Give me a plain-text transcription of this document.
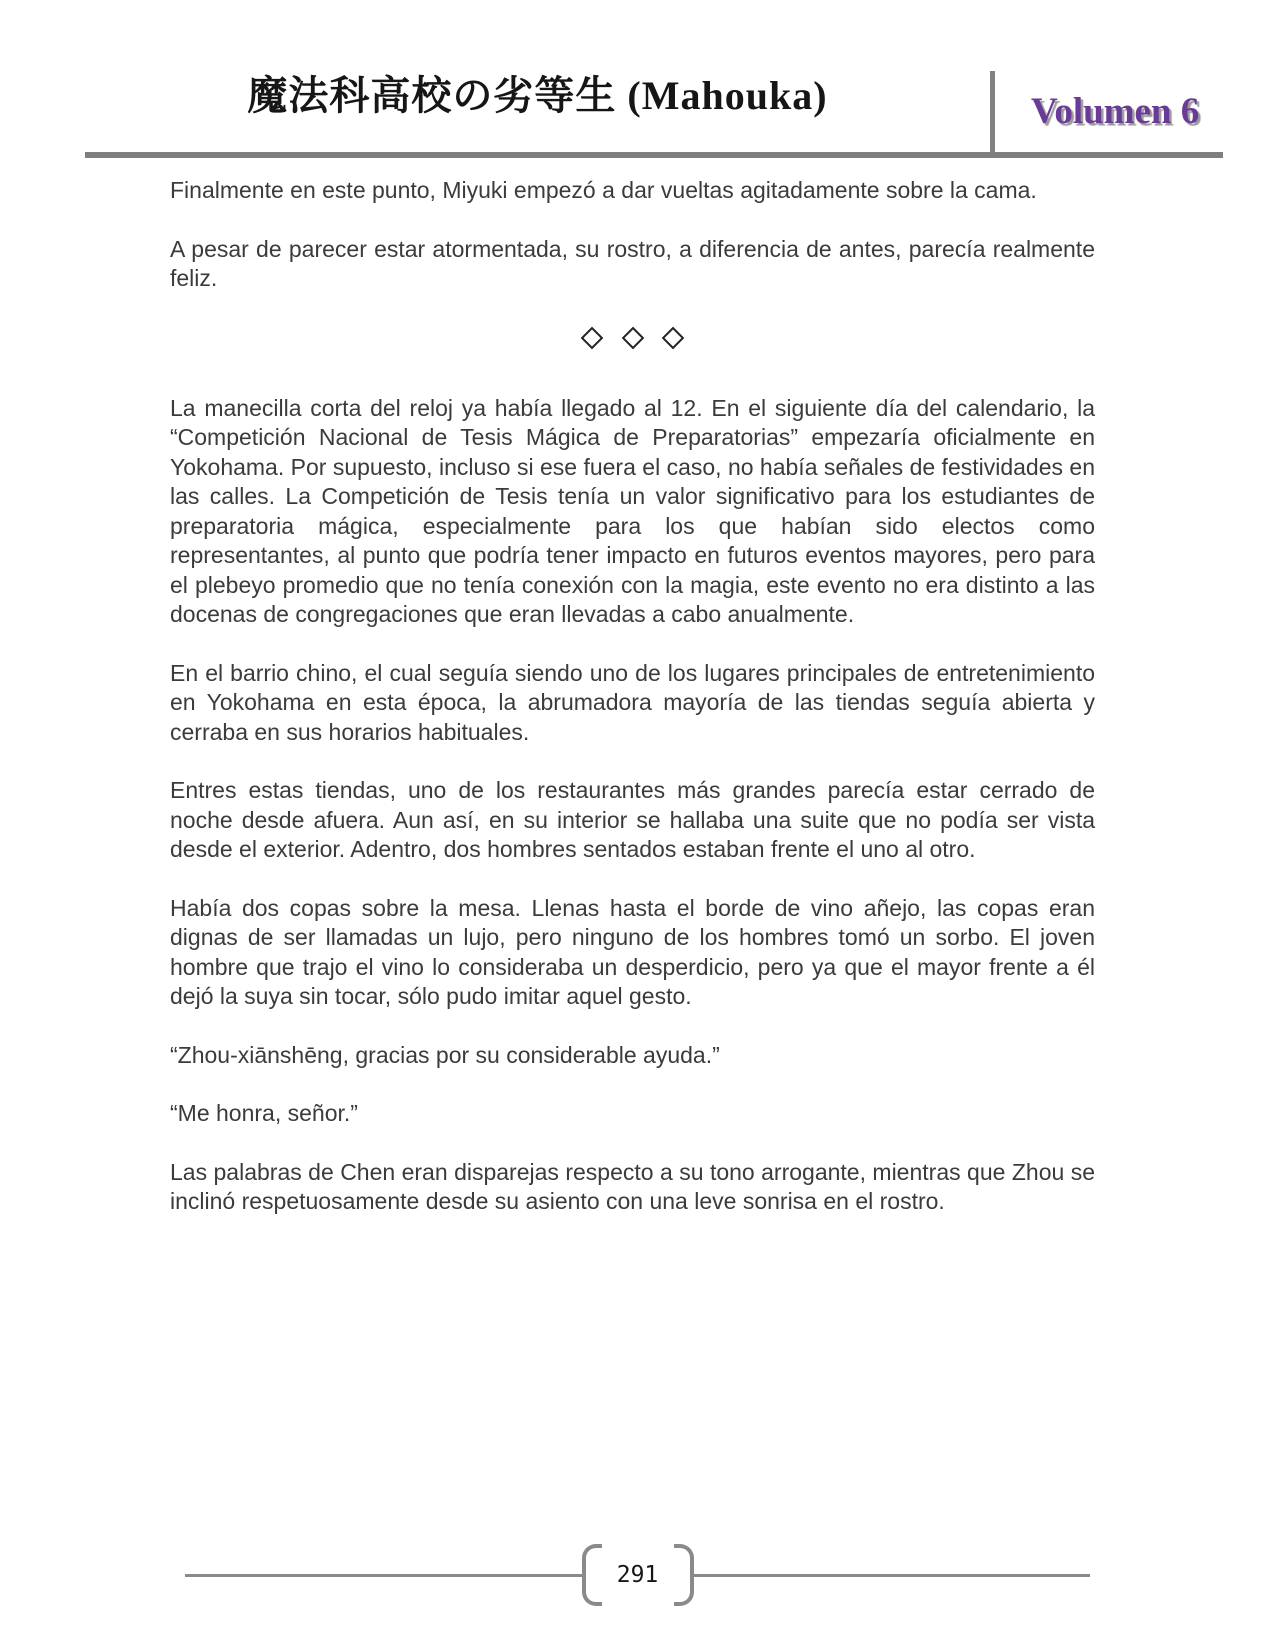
魔法科高校の劣等生 (Mahouka)	Volumen 6

Finalmente en este punto, Miyuki empezó a dar vueltas agitadamente sobre la cama.

A pesar de parecer estar atormentada, su rostro, a diferencia de antes, parecía realmente feliz.

La manecilla corta del reloj ya había llegado al 12. En el siguiente día del calendario, la “Competición Nacional de Tesis Mágica de Preparatorias” empezaría oficialmente en Yokohama. Por supuesto, incluso si ese fuera el caso, no había señales de festividades en las calles. La Competición de Tesis tenía un valor significativo para los estudiantes de preparatoria mágica, especialmente para los que habían sido electos como representantes, al punto que podría tener impacto en futuros eventos mayores, pero para el plebeyo promedio que no tenía conexión con la magia, este evento no era distinto a las docenas de congregaciones que eran llevadas a cabo anualmente.

En el barrio chino, el cual seguía siendo uno de los lugares principales de entretenimiento en Yokohama en esta época, la abrumadora mayoría de las tiendas seguía abierta y cerraba en sus horarios habituales.

Entres estas tiendas, uno de los restaurantes más grandes parecía estar cerrado de noche desde afuera. Aun así, en su interior se hallaba una suite que no podía ser vista desde el exterior. Adentro, dos hombres sentados estaban frente el uno al otro.

Había dos copas sobre la mesa. Llenas hasta el borde de vino añejo, las copas eran dignas de ser llamadas un lujo, pero ninguno de los hombres tomó un sorbo. El joven hombre que trajo el vino lo consideraba un desperdicio, pero ya que el mayor frente a él dejó la suya sin tocar, sólo pudo imitar aquel gesto.

“Zhou-xiānshēng, gracias por su considerable ayuda.”

“Me honra, señor.”

Las palabras de Chen eran disparejas respecto a su tono arrogante, mientras que Zhou se inclinó respetuosamente desde su asiento con una leve sonrisa en el rostro.

291
